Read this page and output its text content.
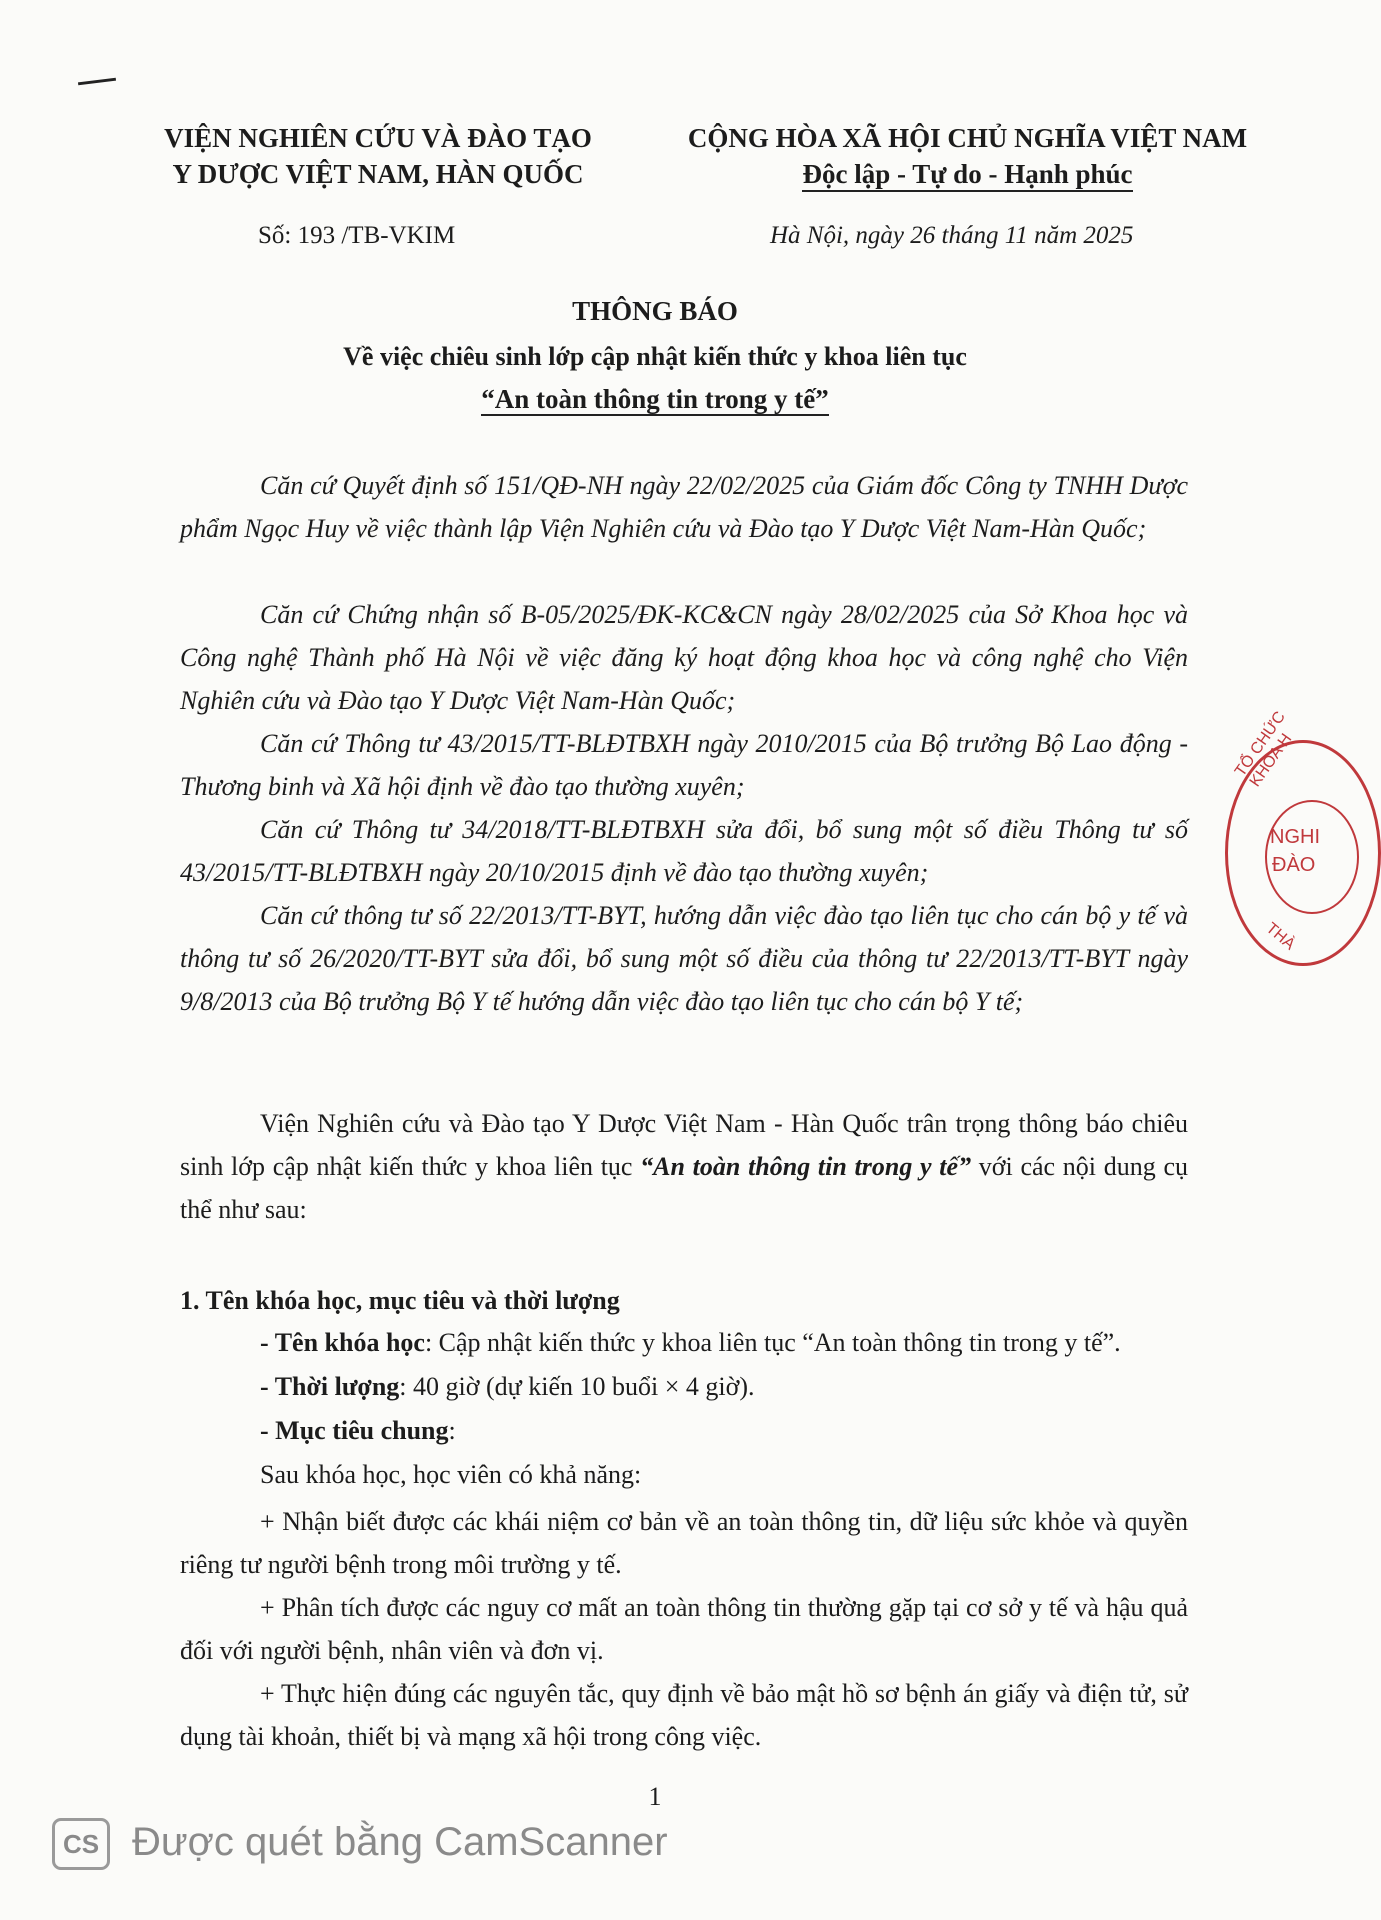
VIỆN NGHIÊN CỨU VÀ ĐÀO TẠO
Y DƯỢC VIỆT NAM, HÀN QUỐC
CỘNG HÒA XÃ HỘI CHỦ NGHĨA VIỆT NAM
Độc lập - Tự do - Hạnh phúc
Số: 193 /TB-VKIM	Hà Nội, ngày 26 tháng 11 năm 2025
THÔNG BÁO
Về việc chiêu sinh lớp cập nhật kiến thức y khoa liên tục
“An toàn thông tin trong y tế”
Căn cứ Quyết định số 151/QĐ-NH ngày 22/02/2025 của Giám đốc Công ty TNHH Dược phẩm Ngọc Huy về việc thành lập Viện Nghiên cứu và Đào tạo Y Dược Việt Nam-Hàn Quốc;
Căn cứ Chứng nhận số B-05/2025/ĐK-KC&CN ngày 28/02/2025 của Sở Khoa học và Công nghệ Thành phố Hà Nội về việc đăng ký hoạt động khoa học và công nghệ cho Viện Nghiên cứu và Đào tạo Y Dược Việt Nam-Hàn Quốc;
Căn cứ Thông tư 43/2015/TT-BLĐTBXH ngày 2010/2015 của Bộ trưởng Bộ Lao động - Thương binh và Xã hội định về đào tạo thường xuyên;
Căn cứ Thông tư 34/2018/TT-BLĐTBXH sửa đổi, bổ sung một số điều Thông tư số 43/2015/TT-BLĐTBXH ngày 20/10/2015 định về đào tạo thường xuyên;
Căn cứ thông tư số 22/2013/TT-BYT, hướng dẫn việc đào tạo liên tục cho cán bộ y tế và thông tư số 26/2020/TT-BYT sửa đổi, bổ sung một số điều của thông tư 22/2013/TT-BYT ngày 9/8/2013 của Bộ trưởng Bộ Y tế hướng dẫn việc đào tạo liên tục cho cán bộ Y tế;
Viện Nghiên cứu và Đào tạo Y Dược Việt Nam - Hàn Quốc trân trọng thông báo chiêu sinh lớp cập nhật kiến thức y khoa liên tục “An toàn thông tin trong y tế” với các nội dung cụ thể như sau:
1. Tên khóa học, mục tiêu và thời lượng
- Tên khóa học: Cập nhật kiến thức y khoa liên tục “An toàn thông tin trong y tế”.
- Thời lượng: 40 giờ (dự kiến 10 buổi × 4 giờ).
- Mục tiêu chung:
Sau khóa học, học viên có khả năng:
+ Nhận biết được các khái niệm cơ bản về an toàn thông tin, dữ liệu sức khỏe và quyền riêng tư người bệnh trong môi trường y tế.
+ Phân tích được các nguy cơ mất an toàn thông tin thường gặp tại cơ sở y tế và hậu quả đối với người bệnh, nhân viên và đơn vị.
+ Thực hiện đúng các nguyên tắc, quy định về bảo mật hồ sơ bệnh án giấy và điện tử, sử dụng tài khoản, thiết bị và mạng xã hội trong công việc.
TỔ CHỨC KHOA H
NGHI
ĐÀO
THÀ
1
CS Được quét bằng CamScanner
